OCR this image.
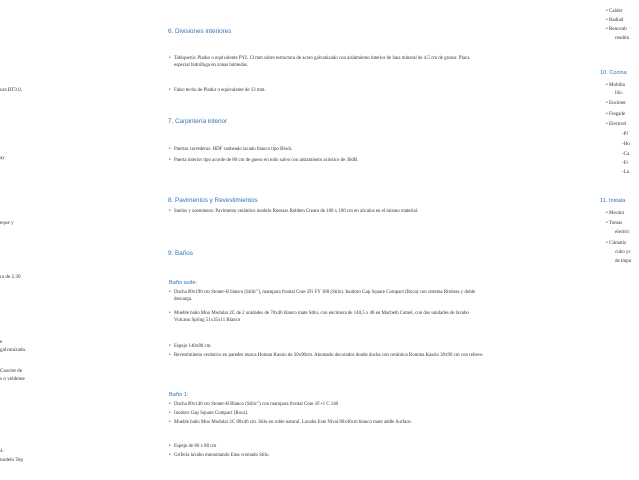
ura RT3.0,
ay
eque y
ra de 2.30
e
galvanizado.
Coscret de
s o veldeme
4.
nodelo Tep
6. Divisiones interiores
• Tabiquería: Pladur o equivalente PYL 13 mm sobre estructura de acero galvanizado con aislamiento interior de lana mineral de 4.5 cm de grosor. Placa especial hidrófuga en zonas húmedas.
• Falso techo de Pladur o equivalente de 13 mm.
7. Carpintería interior
• Puertas correderas: HDF sanbeado lacado blanco tipo Block
• Puerta interior tipo acorde de 80 cm de gueso en todo salvo con aislamiento acústico de 30dB.
8. Pavimentos y Revestimientos
• Suelos y zoemienos: Pavimento cerámico modelo Roessas Rubben Cream de 100 x 100 cm en zócalos en el mismo material.
9. Baños
Baño suite:
• Ducha 80x190 cm Stoner-H blanco (Stilic"), mampara frontal Core 2Fi FY 180 (Stilo). Inodoro Gap Square Compact (Roca) con sistema Rimless y doble descarga.
• Mueble baño Moo Modular 2C de 2 unidades de 70x46 blanco mate Stilo, con encimera de 140,5 x 46 en Macbeth Camel, con dos unidades de lavabo Vulcano Spring 51x35x11 Blanco
• Espejo 140x80 cm.
• Revestimiento cerámico en paredes marca Homan Kassio de 30x90cm. Ahumado decorados donde ducha con cerámica Romma Kassio 30x90 cm con relieve.
Baño 1:
• Ducha 80x140 cm Stoner-H Blanco (Stilic") con mampara frontal Core 1F+1 C 140
• Inodoro Gap Square Compact (Roca).
• Mueble baño Moo Modular 2C 80x46 cm. Stilo en roble natural. Lavabo Este Nival 80x46cm blanco mate addle Surface.
• Espejo de 80 x 80 cm
• Grifería lavabo monomando Ema cromado Stilo.
• Calder
• Radiad
• Renovab
rendim
10. Cocina
• Mobilia
lilo.
• Encimer
• Fregade
• Electrod
-Pl
-Ho
-Ca
-Fr
-La
11. Instala
• Mecáni
• Tomas
electric
• Climatiz
cubo yc
de impu
